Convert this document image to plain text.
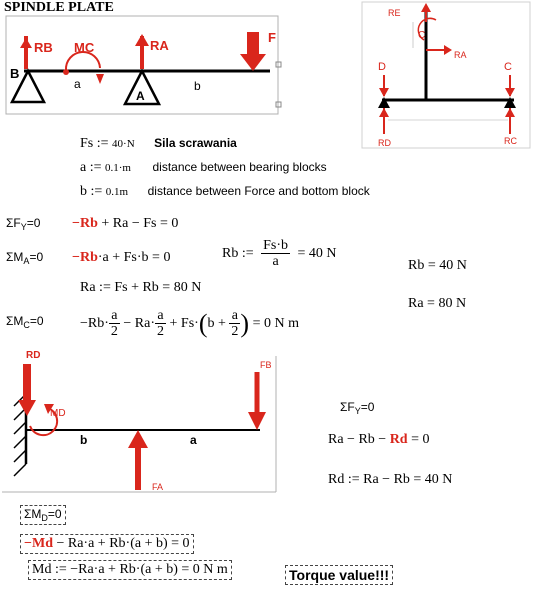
SPINDLE PLATE
RB MC	RA
F
B
A
a	b
RE
RA
D	C
C
RD	RC
Fs := 40·N Sila scrawania
a := 0.1·m distance between bearing blocks
b := 0.1m distance between Force and bottom block
$\Sigma F_Y=0 -Rb + Ra - Fs = 0$
$\Sigma M_A=0 -Rb\cdot a + Fs\cdot b = 0$	Rb := $\frac{Fs\cdot b}{a} = 40$ N
Ra := Fs + Rb = 80 N
Rb = 40 N
Ra = 80 N
$\Sigma M_C=0$	$-Rb\cdot \frac{a}{2} - Ra\cdot \frac{a}{2} + Fs\cdot(b + \frac{a}{2}$ ) = 0 N m
RD
MD
FB
b	a
FA
$\Sigma F_Y=0$
Ra − Rb − Rd = 0
Rd := Ra − Rb = 40 N
$\Sigma M_D=0$
−Md − Ra·a + Rb·(a + b) = 0
Md := −Ra·a + Rb·(a + b) = 0 N m	Torque value!!!
